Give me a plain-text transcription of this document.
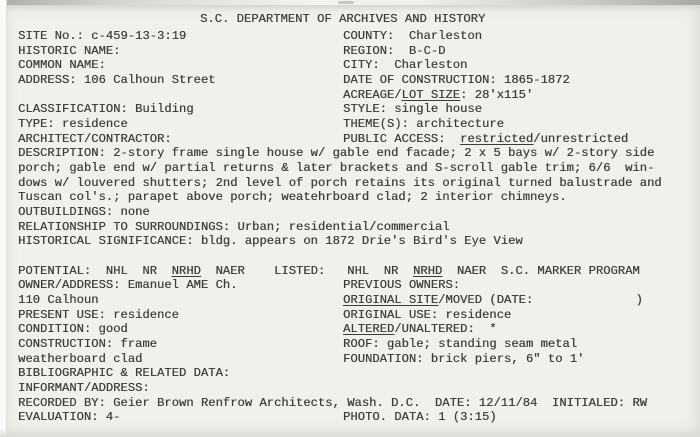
S.C. DEPARTMENT OF ARCHIVES AND HISTORY
SITE No.: c-459-13-3:19
HISTORIC NAME:
COMMON NAME:
ADDRESS: 106 Calhoun Street
CLASSIFICATION: Building
TYPE: residence
ARCHITECT/CONTRACTOR:
COUNTY:  Charleston
REGION:  B-C-D
CITY:  Charleston
DATE OF CONSTRUCTION: 1865-1872
ACREAGE/LOT SIZE: 28'x115'
STYLE: single house
THEME(S): architecture
PUBLIC ACCESS:  restricted/unrestricted
DESCRIPTION: 2-story frame single house w/ gable end facade; 2 x 5 bays w/ 2-story side
porch; gable end w/ partial returns & later brackets and S-scroll gable trim; 6/6  win-
dows w/ louvered shutters; 2nd level of porch retains its original turned balustrade and
Tuscan col's.; parapet above porch; weatehrboard clad; 2 interior chimneys.
OUTBUILDINGS: none
RELATIONSHIP TO SURROUNDINGS: Urban; residential/commercial
HISTORICAL SIGNIFICANCE: bldg. appears on 1872 Drie's Bird's Eye View
POTENTIAL:  NHL  NR  NRHD  NAER    LISTED:   NHL  NR  NRHD  NAER  S.C. MARKER PROGRAM
OWNER/ADDRESS: Emanuel AME Ch.
110 Calhoun
PRESENT USE: residence
CONDITION: good
CONSTRUCTION: frame
weatherboard clad
BIBLIOGRAPHIC & RELATED DATA:
INFORMANT/ADDRESS:
PREVIOUS OWNERS:
ORIGINAL SITE/MOVED (DATE:              )
ORIGINAL USE: residence
ALTERED/UNALTERED:  *
ROOF: gable; standing seam metal
FOUNDATION: brick piers, 6" to 1'
RECORDED BY: Geier Brown Renfrow Architects, Wash. D.C.  DATE: 12/11/84  INITIALED: RW
EVALUATION: 4-	PHOTO. DATA: 1 (3:15)
